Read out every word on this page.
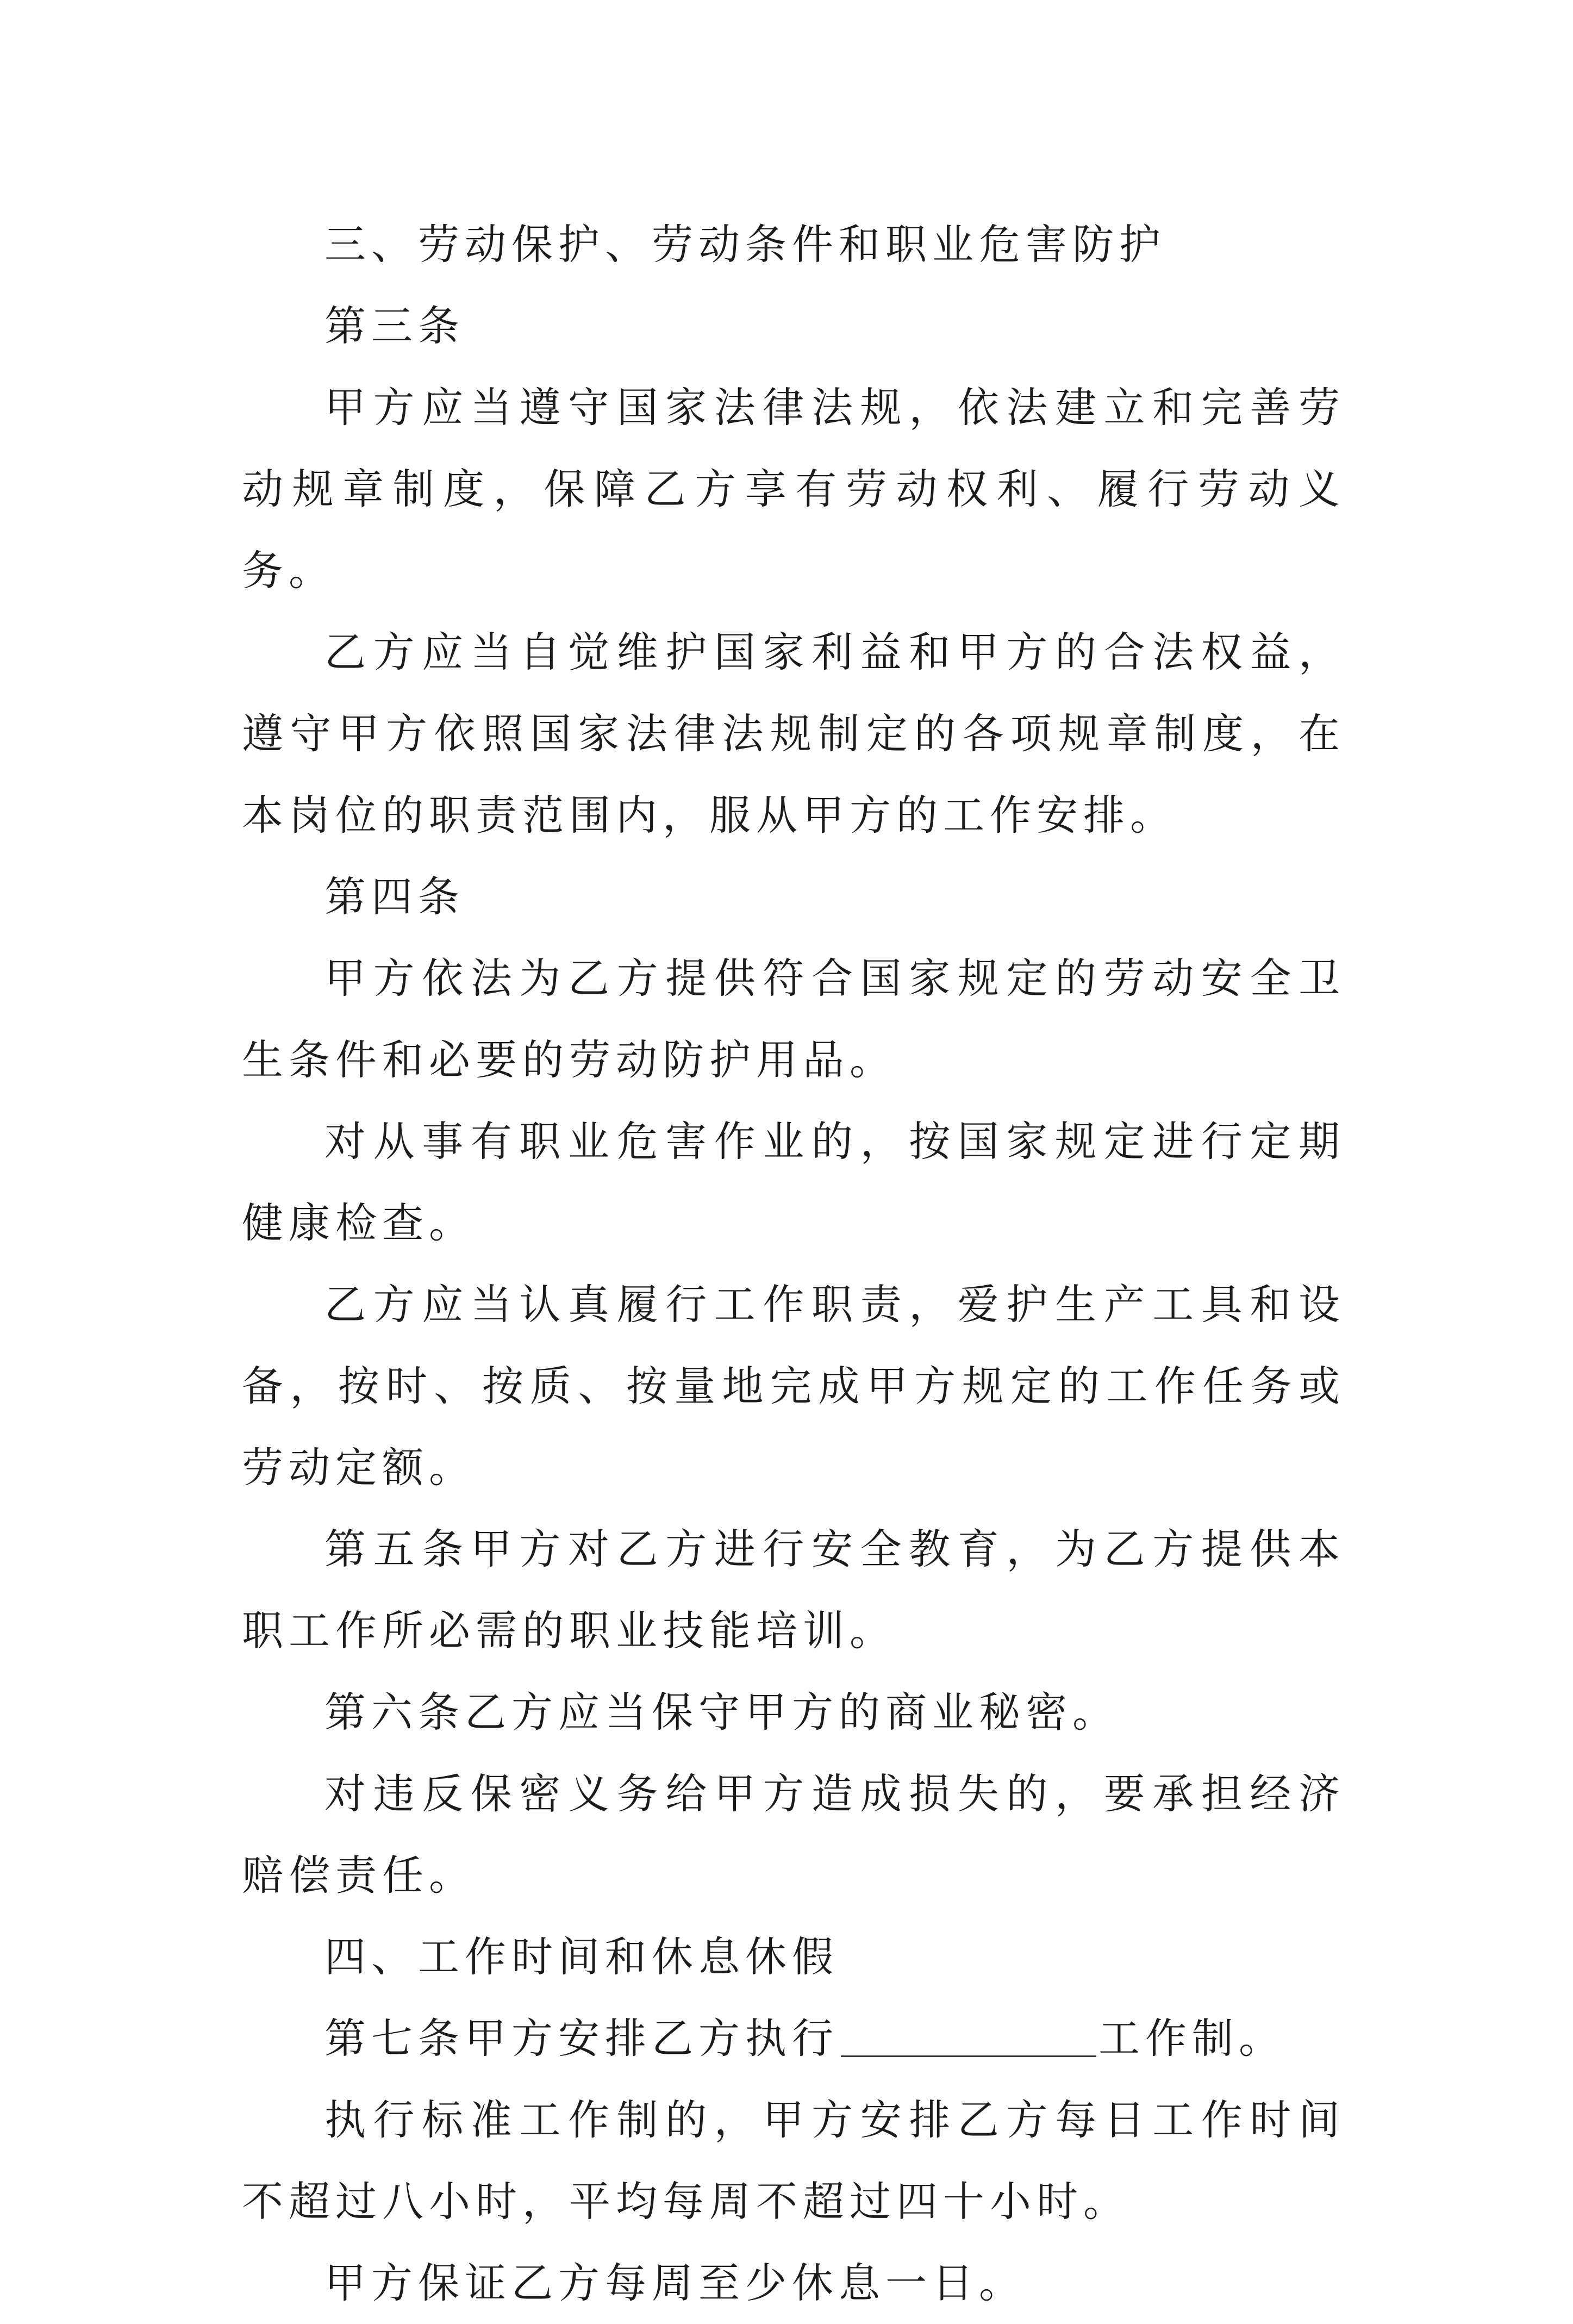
三、劳动保护、劳动条件和职业危害防护

第三条

甲方应当遵守国家法律法规，依法建立和完善劳动规章制度，保障乙方享有劳动权利、履行劳动义务。

乙方应当自觉维护国家利益和甲方的合法权益，遵守甲方依照国家法律法规制定的各项规章制度，在本岗位的职责范围内，服从甲方的工作安排。

第四条

甲方依法为乙方提供符合国家规定的劳动安全卫生条件和必要的劳动防护用品。

对从事有职业危害作业的，按国家规定进行定期健康检查。

乙方应当认真履行工作职责，爱护生产工具和设备，按时、按质、按量地完成甲方规定的工作任务或劳动定额。

第五条甲方对乙方进行安全教育，为乙方提供本职工作所必需的职业技能培训。

第六条乙方应当保守甲方的商业秘密。

对违反保密义务给甲方造成损失的，要承担经济赔偿责任。

四、工作时间和休息休假

第七条甲方安排乙方执行	工作制。

执行标准工作制的，甲方安排乙方每日工作时间不超过八小时，平均每周不超过四十小时。

甲方保证乙方每周至少休息一日。
